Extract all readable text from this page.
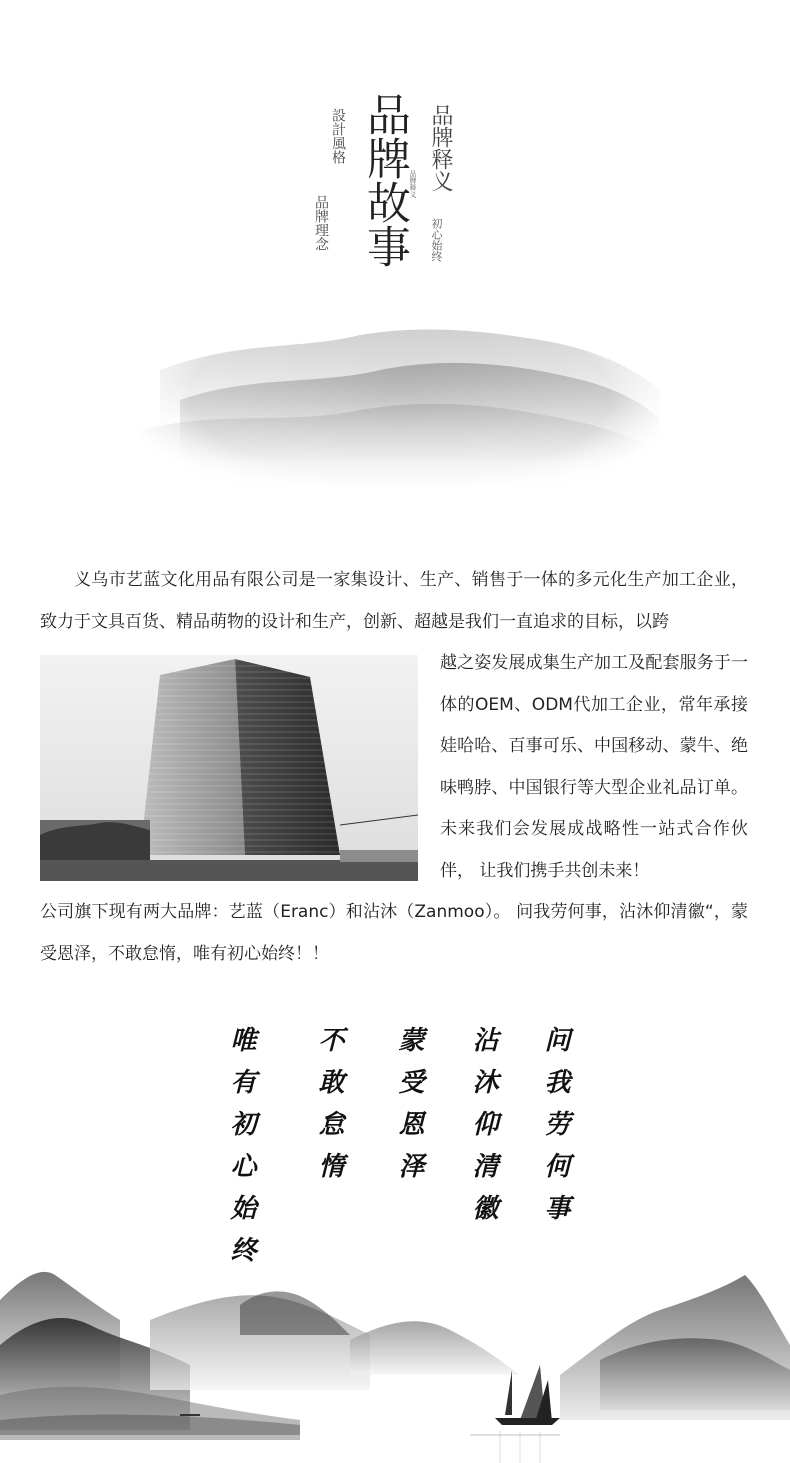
設計風格
品牌理念 品牌故事 品牌释义 品牌释义
初心始终

义乌市艺蓝文化用品有限公司是一家集设计、生产、销售于一体的多元化生产加工企业，致力于文具百货、精品萌物的设计和生产，创新、超越是我们一直追求的目标，以跨

越之姿发展成集生产加工及配套服务于一体的OEM、ODM代加工企业，常年承接娃哈哈、百事可乐、中国移动、蒙牛、绝味鸭脖、中国银行等大型企业礼品订单。未来我们会发展成战略性一站式合作伙伴， 让我们携手共创未来！

公司旗下现有两大品牌：艺蓝（Eranc）和沾沐（Zanmoo）。 问我劳何事，沾沐仰清徽“，蒙受恩泽，不敢怠惰，唯有初心始终！！

问我劳何事
沾沐仰清徽
蒙受恩泽
不敢怠惰
唯有初心始终
